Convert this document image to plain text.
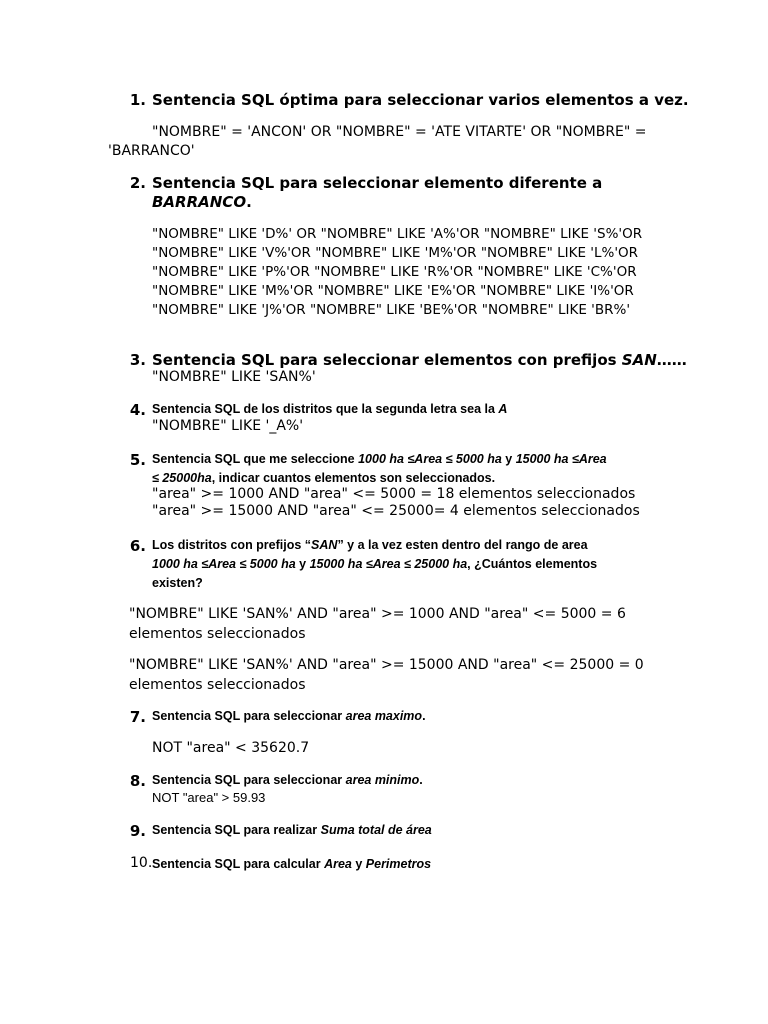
1. Sentencia SQL óptima para seleccionar varios elementos a vez.
"NOMBRE" = 'ANCON' OR "NOMBRE" = 'ATE VITARTE' OR "NOMBRE" =
'BARRANCO'
2. Sentencia SQL para seleccionar elemento diferente a
BARRANCO.
"NOMBRE" LIKE 'D%' OR "NOMBRE" LIKE 'A%'OR "NOMBRE" LIKE 'S%'OR
"NOMBRE" LIKE 'V%'OR "NOMBRE" LIKE 'M%'OR "NOMBRE" LIKE 'L%'OR
"NOMBRE" LIKE 'P%'OR "NOMBRE" LIKE 'R%'OR "NOMBRE" LIKE 'C%'OR
"NOMBRE" LIKE 'M%'OR "NOMBRE" LIKE 'E%'OR "NOMBRE" LIKE 'I%'OR
"NOMBRE" LIKE 'J%'OR "NOMBRE" LIKE 'BE%'OR "NOMBRE" LIKE 'BR%'
3. Sentencia SQL para seleccionar elementos con prefijos SAN……
"NOMBRE" LIKE 'SAN%'
4. Sentencia SQL de los distritos que la segunda letra sea la A
"NOMBRE" LIKE '_A%'
5. Sentencia SQL que me seleccione 1000 ha ≤Area ≤ 5000 ha y 15000 ha ≤Area
≤ 25000ha, indicar cuantos elementos son seleccionados.
"area" >= 1000 AND "area" <= 5000 = 18 elementos seleccionados
"area" >= 15000 AND "area" <= 25000= 4 elementos seleccionados
6. Los distritos con prefijos “SAN” y a la vez esten dentro del rango de area
1000 ha ≤Area ≤ 5000 ha y 15000 ha ≤Area ≤ 25000 ha, ¿Cuántos elementos
existen?
"NOMBRE" LIKE 'SAN%' AND "area" >= 1000 AND "area" <= 5000 = 6
elementos seleccionados
"NOMBRE" LIKE 'SAN%' AND "area" >= 15000 AND "area" <= 25000 = 0
elementos seleccionados
7. Sentencia SQL para seleccionar area maximo.
NOT "area" < 35620.7
8. Sentencia SQL para seleccionar area minimo.
NOT "area" > 59.93
9. Sentencia SQL para realizar Suma total de área
10. Sentencia SQL para calcular Area y Perimetros
